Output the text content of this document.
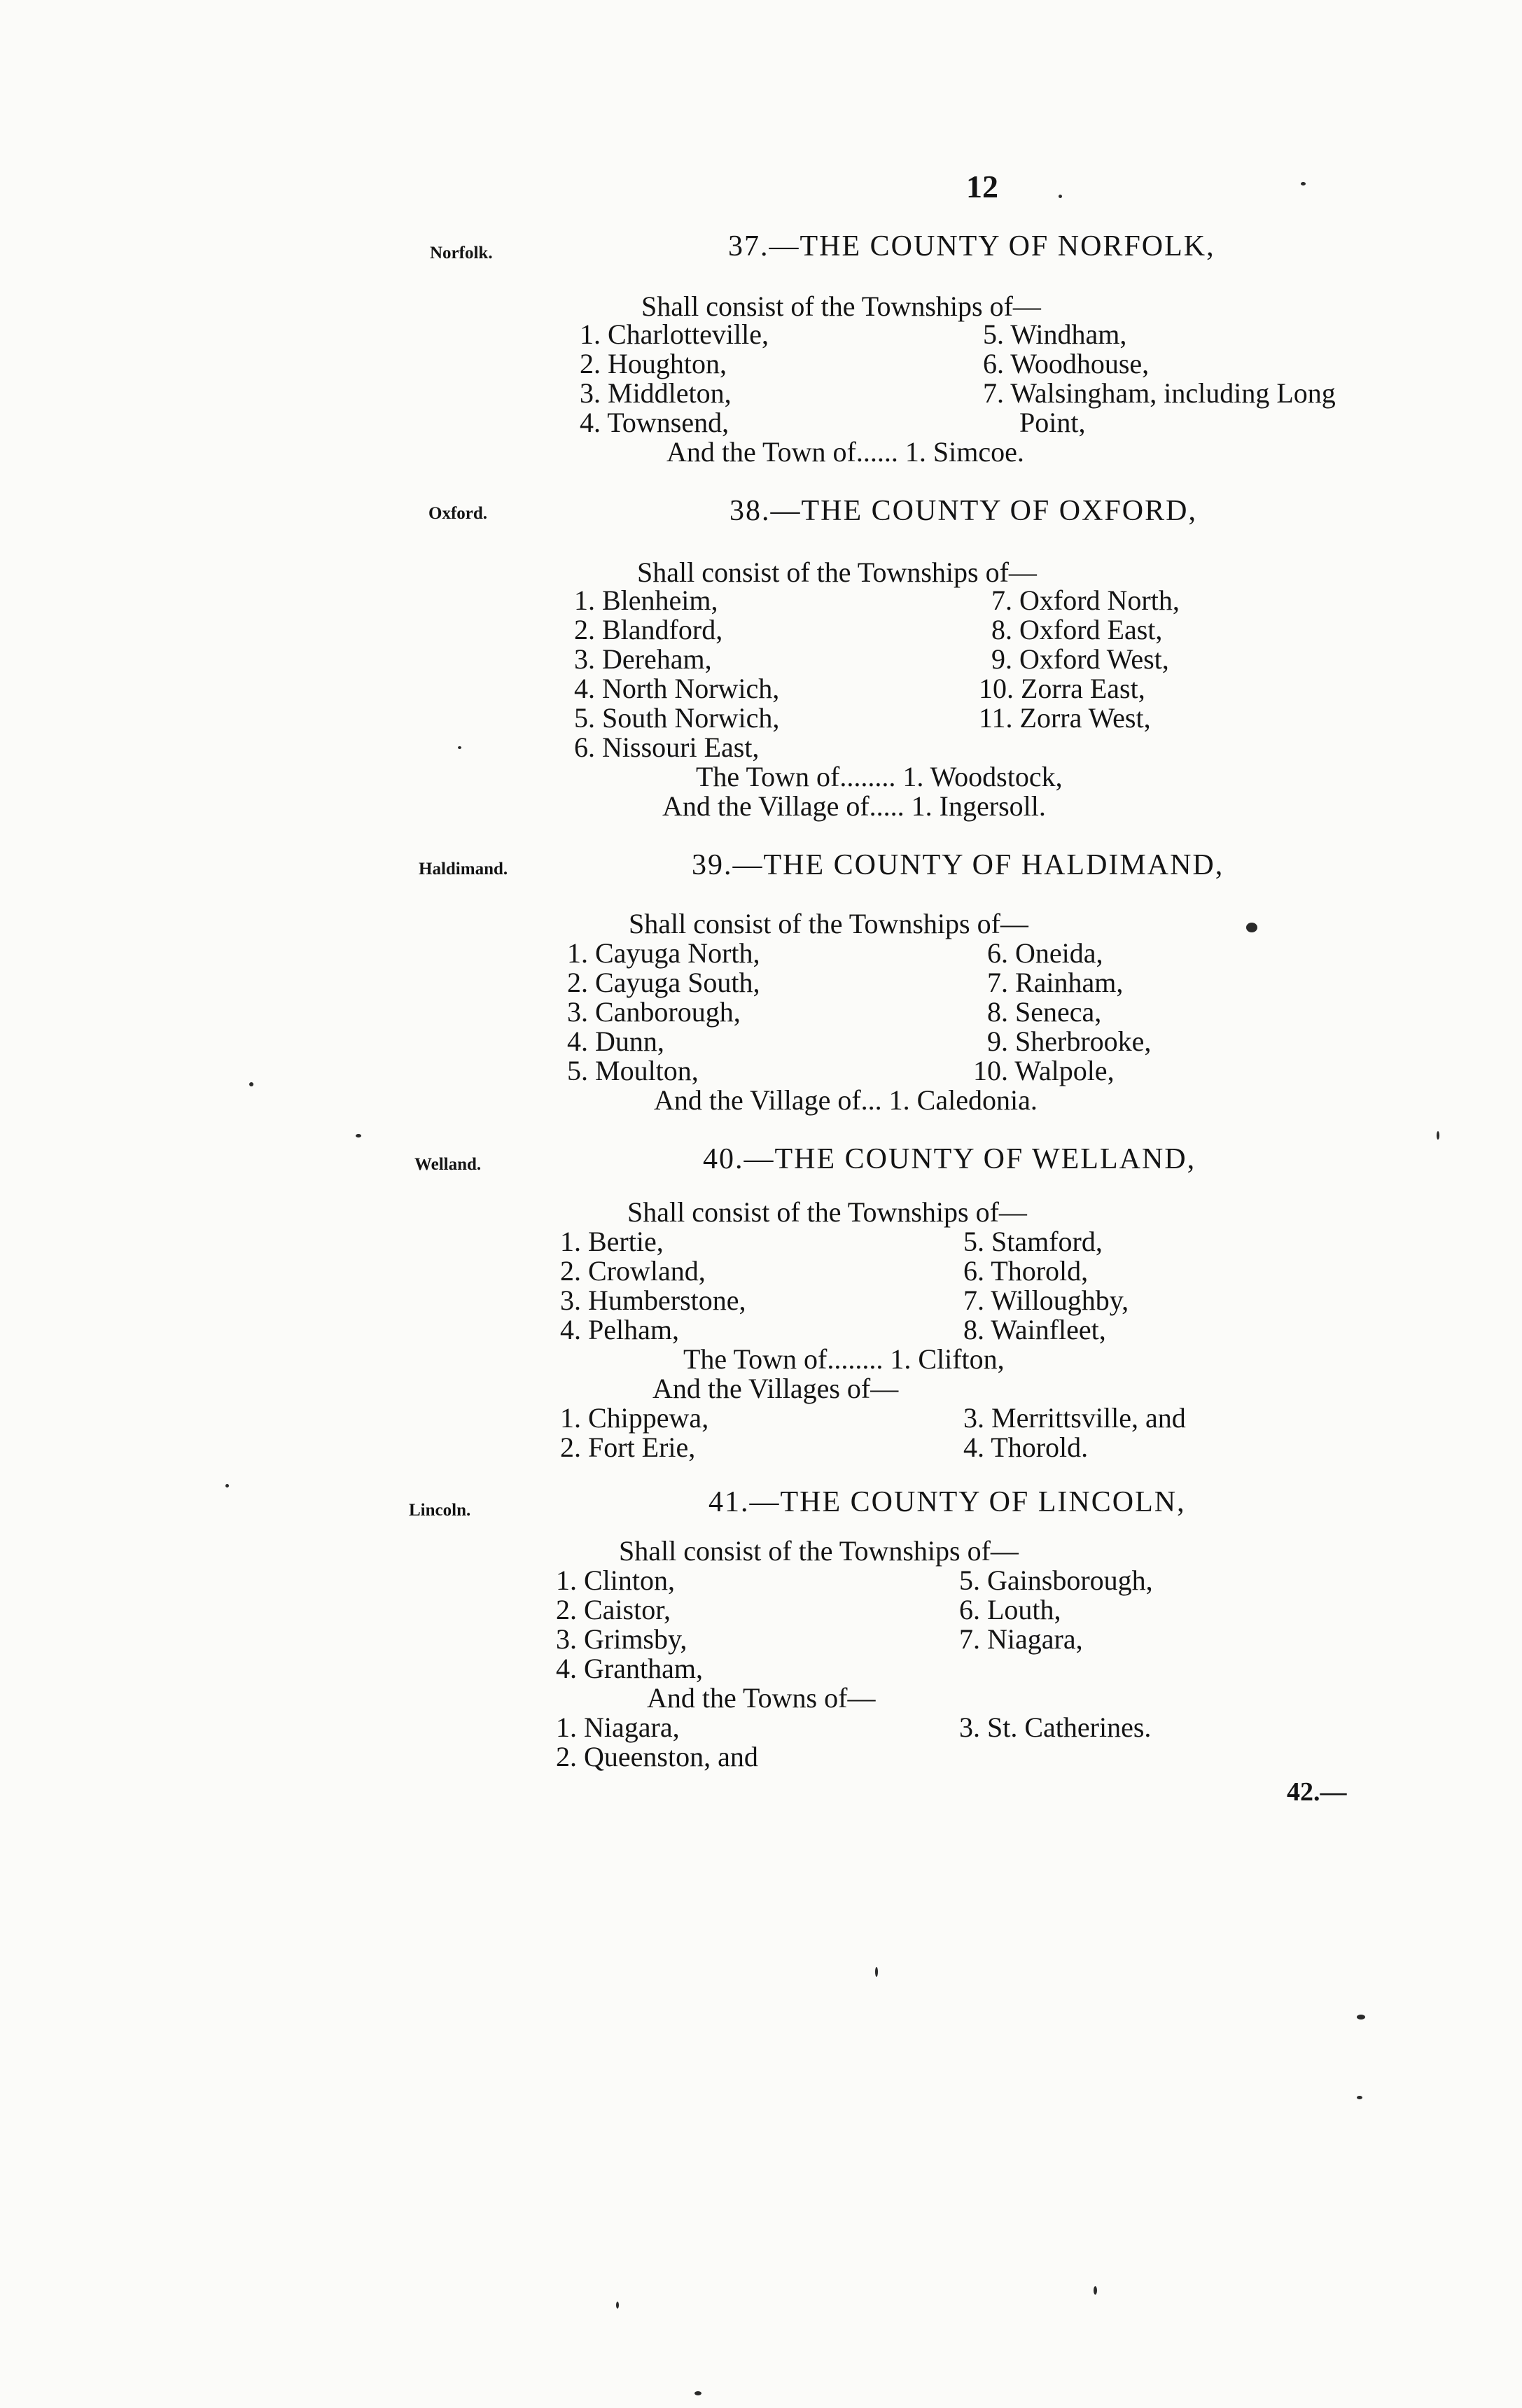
12
Norfolk.	37.—THE COUNTY OF NORFOLK,
Shall consist of the Townships of—
1. Charlotteville,	5. Windham,
2. Houghton,	6. Woodhouse,
3. Middleton,	7. Walsingham, including Long
4. Townsend,	Point,
And the Town of...... 1. Simcoe.
Oxford.	38.—THE COUNTY OF OXFORD,
Shall consist of the Townships of—
1. Blenheim,	7. Oxford North,
2. Blandford,	8. Oxford East,
3. Dereham,	9. Oxford West,
4. North Norwich,	10. Zorra East,
5. South Norwich,	11. Zorra West,
6. Nissouri East,
The Town of........ 1. Woodstock,
And the Village of..... 1. Ingersoll.
Haldimand.	39.—THE COUNTY OF HALDIMAND,
Shall consist of the Townships of—
1. Cayuga North,	6. Oneida,
2. Cayuga South,	7. Rainham,
3. Canborough,	8. Seneca,
4. Dunn,	9. Sherbrooke,
5. Moulton,	10. Walpole,
And the Village of... 1. Caledonia.
Welland.	40.—THE COUNTY OF WELLAND,
Shall consist of the Townships of—
1. Bertie,	5. Stamford,
2. Crowland,	6. Thorold,
3. Humberstone,	7. Willoughby,
4. Pelham,	8. Wainfleet,
The Town of........ 1. Clifton,
And the Villages of—
1. Chippewa,	3. Merrittsville, and
2. Fort Erie,	4. Thorold.
Lincoln.	41.—THE COUNTY OF LINCOLN,
Shall consist of the Townships of—
1. Clinton,	5. Gainsborough,
2. Caistor,	6. Louth,
3. Grimsby,	7. Niagara,
4. Grantham,
And the Towns of—
1. Niagara,	3. St. Catherines.
2. Queenston, and
42.—
